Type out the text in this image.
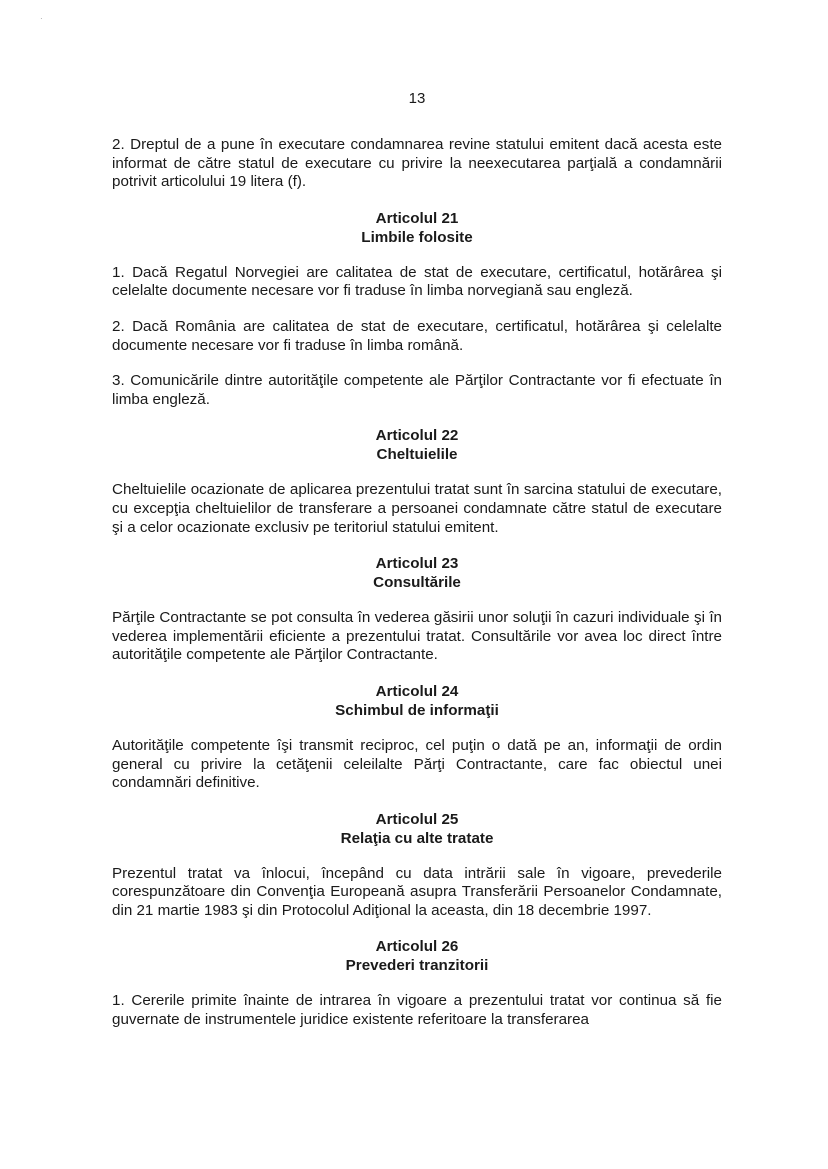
·
13

2. Dreptul de a pune în executare condamnarea revine statului emitent dacă acesta este informat de către statul de executare cu privire la neexecutarea parţială a condamnării potrivit articolului 19 litera (f).

Articolul 21
Limbile folosite

1. Dacă Regatul Norvegiei are calitatea de stat de executare, certificatul, hotărârea şi celelalte documente necesare vor fi traduse în limba norvegiană sau engleză.

2. Dacă România are calitatea de stat de executare, certificatul, hotărârea şi celelalte documente necesare vor fi traduse în limba română.

3. Comunicările dintre autorităţile competente ale Părţilor Contractante vor fi efectuate în limba engleză.

Articolul 22
Cheltuielile

Cheltuielile ocazionate de aplicarea prezentului tratat sunt în sarcina statului de executare, cu excepţia cheltuielilor de transferare a persoanei condamnate către statul de executare şi a celor ocazionate exclusiv pe teritoriul statului emitent.

Articolul 23
Consultările

Părţile Contractante se pot consulta în vederea găsirii unor soluţii în cazuri individuale şi în vederea implementării eficiente a prezentului tratat. Consultările vor avea loc direct între autorităţile competente ale Părţilor Contractante.

Articolul 24
Schimbul de informaţii

Autorităţile competente îşi transmit reciproc, cel puţin o dată pe an, informaţii de ordin general cu privire la cetăţenii celeilalte Părţi Contractante, care fac obiectul unei condamnări definitive.

Articolul 25
Relaţia cu alte tratate

Prezentul tratat va înlocui, începând cu data intrării sale în vigoare, prevederile corespunzătoare din Convenţia Europeană asupra Transferării Persoanelor Condamnate, din 21 martie 1983 şi din Protocolul Adiţional la aceasta, din 18 decembrie 1997.

Articolul 26
Prevederi tranzitorii

1. Cererile primite înainte de intrarea în vigoare a prezentului tratat vor continua să fie guvernate de instrumentele juridice existente referitoare la transferarea
